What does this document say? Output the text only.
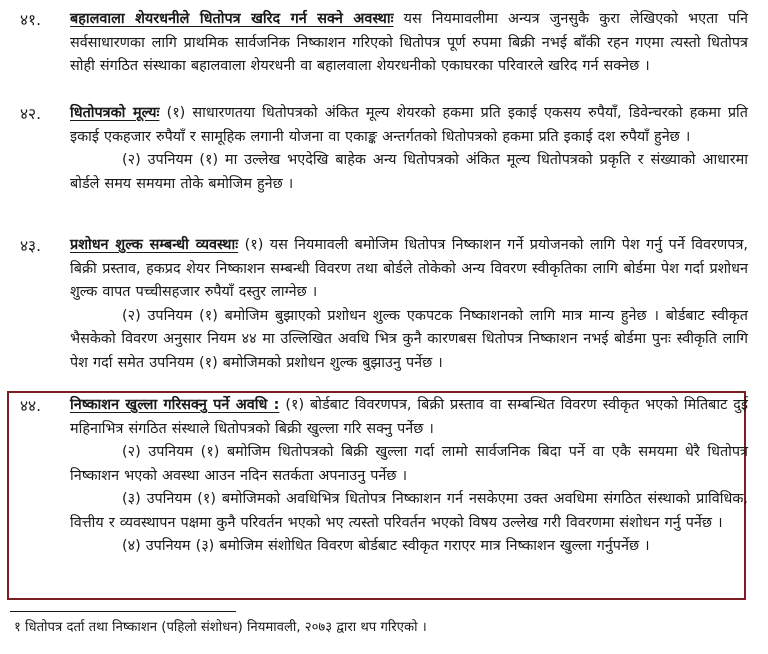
४१. बहालवाला शेयरधनीले धितोपत्र खरिद गर्न सक्ने अवस्थाः यस नियमावलीमा अन्यत्र जुनसुकै कुरा लेखिएको भएता पनि सर्वसाधारणका लागि प्राथमिक सार्वजनिक निष्काशन गरिएको धितोपत्र पूर्ण रुपमा बिक्री नभई बाँकी रहन गएमा त्यस्तो धितोपत्र सोही संगठित संस्थाका बहालवाला शेयरधनी वा बहालवाला शेयरधनीको एकाघरका परिवारले खरिद गर्न सक्नेछ ।

४२. धितोपत्रको मूल्यः (१) साधारणतया धितोपत्रको अंकित मूल्य शेयरको हकमा प्रति इकाई एकसय रुपैयाँ, डिवेन्चरको हकमा प्रति इकाई एकहजार रुपैयाँ र सामूहिक लगानी योजना वा एकाङ्क अन्तर्गतको धितोपत्रको हकमा प्रति इकाई दश रुपैयाँ हुनेछ ।

(२) उपनियम (१) मा उल्लेख भएदेखि बाहेक अन्य धितोपत्रको अंकित मूल्य धितोपत्रको प्रकृति र संख्याको आधारमा बोर्डले समय समयमा तोके बमोजिम हुनेछ ।

४३. प्रशोधन शुल्क सम्बन्धी व्यवस्थाः (१) यस नियमावली बमोजिम धितोपत्र निष्काशन गर्ने प्रयोजनको लागि पेश गर्नु पर्ने विवरणपत्र, बिक्री प्रस्ताव, हकप्रद शेयर निष्काशन सम्बन्धी विवरण तथा बोर्डले तोकेको अन्य विवरण स्वीकृतिका लागि बोर्डमा पेश गर्दा प्रशोधन शुल्क वापत पच्चीसहजार रुपैयाँ दस्तुर लाग्नेछ ।

(२) उपनियम (१) बमोजिम बुझाएको प्रशोधन शुल्क एकपटक निष्काशनको लागि मात्र मान्य हुनेछ । बोर्डबाट स्वीकृत भैसकेको विवरण अनुसार नियम ४४ मा उल्लिखित अवधि भित्र कुनै कारणबस धितोपत्र निष्काशन नभई बोर्डमा पुनः स्वीकृति लागि पेश गर्दा समेत उपनियम (१) बमोजिमको प्रशोधन शुल्क बुझाउनु पर्नेछ ।

४४. निष्काशन खुल्ला गरिसक्नु पर्ने अवधि : (१) बोर्डबाट विवरणपत्र, बिक्री प्रस्ताव वा सम्बन्धित विवरण स्वीकृत भएको मितिबाट दुई महिनाभित्र संगठित संस्थाले धितोपत्रको बिक्री खुल्ला गरि सक्नु पर्नेछ ।

(२) उपनियम (१) बमोजिम धितोपत्रको बिक्री खुल्ला गर्दा लामो सार्वजनिक बिदा पर्ने वा एकै समयमा धेरै धितोपत्र निष्काशन भएको अवस्था आउन नदिन सतर्कता अपनाउनु पर्नेछ ।

(३) उपनियम (१) बमोजिमको अवधिभित्र धितोपत्र निष्काशन गर्न नसकेएमा उक्त अवधिमा संगठित संस्थाको प्राविधिक, वित्तीय र व्यवस्थापन पक्षमा कुनै परिवर्तन भएको भए त्यस्तो परिवर्तन भएको विषय उल्लेख गरी विवरणमा संशोधन गर्नु पर्नेछ ।

(४) उपनियम (३) बमोजिम संशोधित विवरण बोर्डबाट स्वीकृत गराएर मात्र निष्काशन खुल्ला गर्नुपर्नेछ ।

१ धितोपत्र दर्ता तथा निष्काशन (पहिलो संशोधन) नियमावली, २०७३ द्वारा थप गरिएको ।
